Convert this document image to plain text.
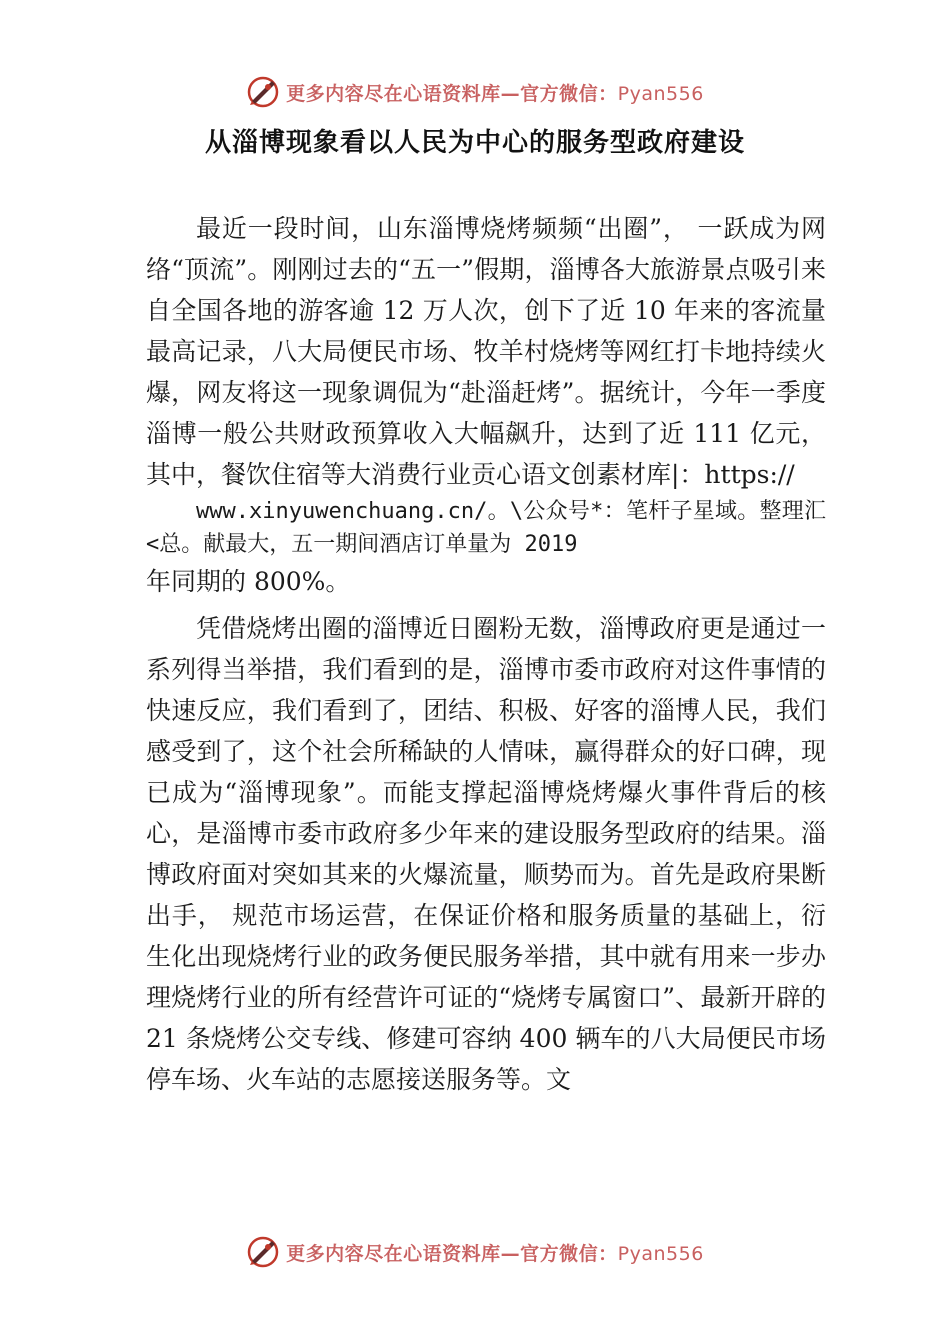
更多内容尽在心语资料库—官方微信：Pyan556
从淄博现象看以人民为中心的服务型政府建设

最近一段时间，山东淄博烧烤频频“出圈”， 一跃成为网络“顶流”。刚刚过去的“五一”假期，淄博各大旅游景点吸引来自全国各地的游客逾 12 万人次，创下了近 10 年来的客流量最高记录，八大局便民市场、牧羊村烧烤等网红打卡地持续火爆，网友将这一现象调侃为“赴淄赶烤”。据统计，今年一季度淄博一般公共财政预算收入大幅飙升，达到了近 111 亿元，其中，餐饮住宿等大消费行业贡心语文创素材库|：https://
www.xinyuwenchuang.cn/。\公众号*：笔杆子星域。整理汇<总。献最大，五一期间酒店订单量为 2019
年同期的 800%。

凭借烧烤出圈的淄博近日圈粉无数，淄博政府更是通过一系列得当举措，我们看到的是，淄博市委市政府对这件事情的快速反应，我们看到了，团结、积极、好客的淄博人民，我们感受到了，这个社会所稀缺的人情味，赢得群众的好口碑，现已成为“淄博现象”。而能支撑起淄博烧烤爆火事件背后的核心，是淄博市委市政府多少年来的建设服务型政府的结果。淄博政府面对突如其来的火爆流量，顺势而为。首先是政府果断出手， 规范市场运营，在保证价格和服务质量的基础上，衍生化出现烧烤行业的政务便民服务举措，其中就有用来一步办理烧烤行业的所有经营许可证的“烧烤专属窗口”、最新开辟的 21 条烧烤公交专线、修建可容纳 400 辆车的八大局便民市场停车场、火车站的志愿接送服务等。文

更多内容尽在心语资料库—官方微信：Pyan556
